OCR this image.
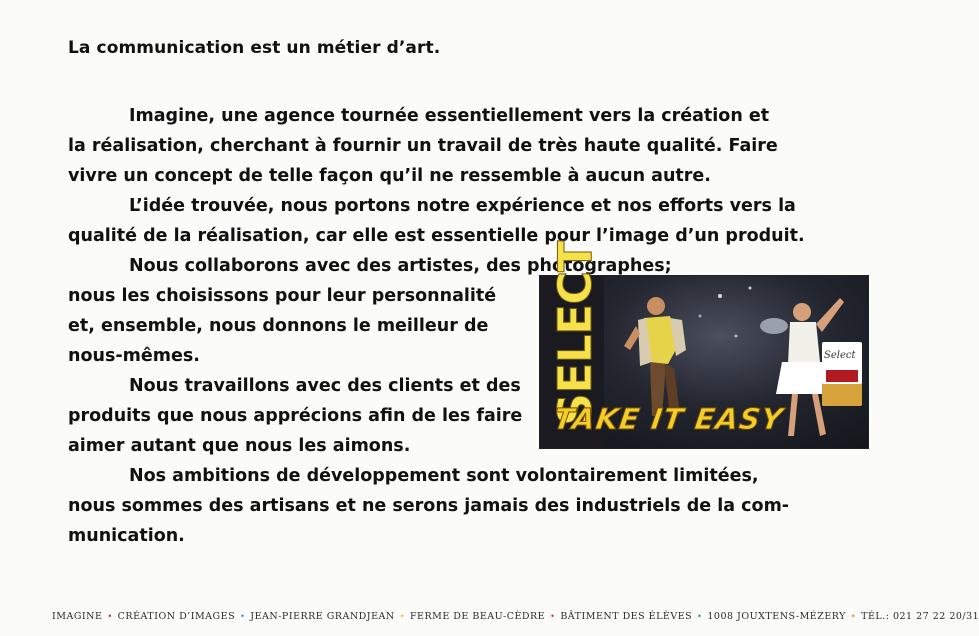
La communication est un métier d’art.
Imagine, une agence tournée essentiellement vers la création et
la réalisation, cherchant à fournir un travail de très haute qualité. Faire
vivre un concept de telle façon qu’il ne ressemble à aucun autre.
L’idée trouvée, nous portons notre expérience et nos efforts vers la
qualité de la réalisation, car elle est essentielle pour l’image d’un produit.
Nous collaborons avec des artistes, des photographes;
nous les choisissons pour leur personnalité
et, ensemble, nous donnons le meilleur de
nous-mêmes.
Nous travaillons avec des clients et des
produits que nous apprécions afin de les faire
aimer autant que nous les aimons.
Nos ambitions de développement sont volontairement limitées,
nous sommes des artisans et ne serons jamais des industriels de la com-
munication.
SELECT	Select
TAKE IT EASY
IMAGINE • CRÉATION D’IMAGES • JEAN-PIERRE GRANDJEAN • FERME DE BEAU-CÈDRE • BÂTIMENT DES ÉLÈVES • 1008 JOUXTENS-MÉZERY • TÉL.: 021 27 22 20/31
